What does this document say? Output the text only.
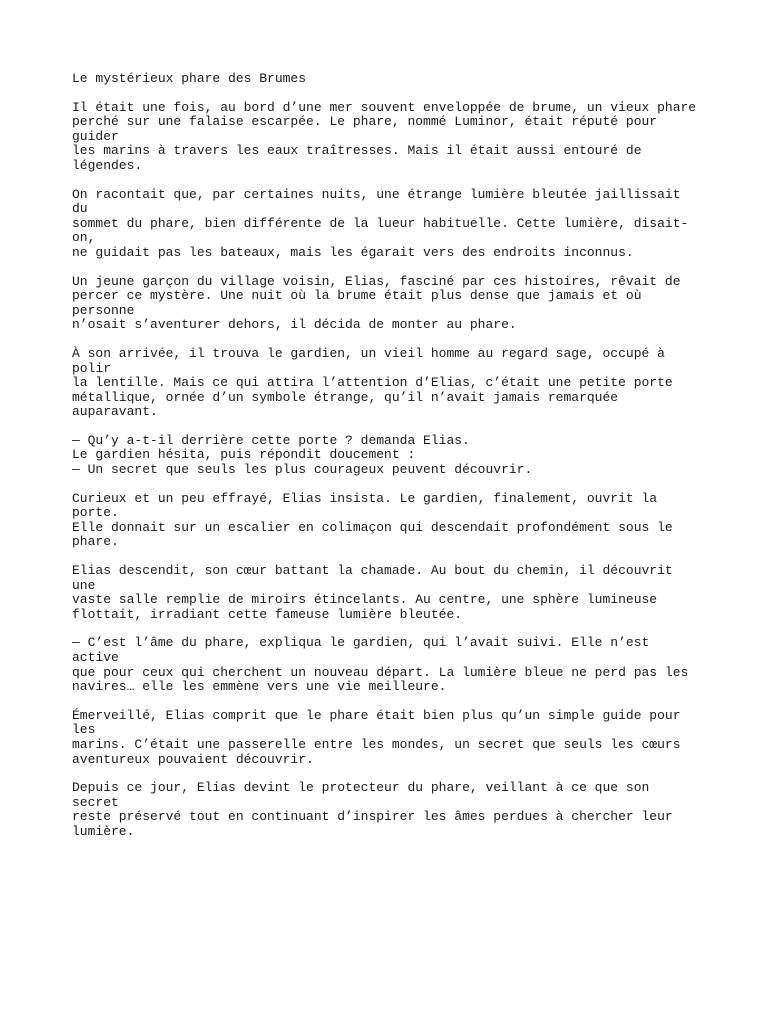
Le mystérieux phare des Brumes

Il était une fois, au bord d’une mer souvent enveloppée de brume, un vieux phare
perché sur une falaise escarpée. Le phare, nommé Luminor, était réputé pour guider
les marins à travers les eaux traîtresses. Mais il était aussi entouré de légendes.

On racontait que, par certaines nuits, une étrange lumière bleutée jaillissait du
sommet du phare, bien différente de la lueur habituelle. Cette lumière, disait-on,
ne guidait pas les bateaux, mais les égarait vers des endroits inconnus.

Un jeune garçon du village voisin, Elias, fasciné par ces histoires, rêvait de
percer ce mystère. Une nuit où la brume était plus dense que jamais et où personne
n’osait s’aventurer dehors, il décida de monter au phare.

À son arrivée, il trouva le gardien, un vieil homme au regard sage, occupé à polir
la lentille. Mais ce qui attira l’attention d’Elias, c’était une petite porte
métallique, ornée d’un symbole étrange, qu’il n’avait jamais remarquée auparavant.

— Qu’y a-t-il derrière cette porte ? demanda Elias.
Le gardien hésita, puis répondit doucement :
— Un secret que seuls les plus courageux peuvent découvrir.

Curieux et un peu effrayé, Elias insista. Le gardien, finalement, ouvrit la porte.
Elle donnait sur un escalier en colimaçon qui descendait profondément sous le
phare.

Elias descendit, son cœur battant la chamade. Au bout du chemin, il découvrit une
vaste salle remplie de miroirs étincelants. Au centre, une sphère lumineuse
flottait, irradiant cette fameuse lumière bleutée.

— C’est l’âme du phare, expliqua le gardien, qui l’avait suivi. Elle n’est active
que pour ceux qui cherchent un nouveau départ. La lumière bleue ne perd pas les
navires… elle les emmène vers une vie meilleure.

Émerveillé, Elias comprit que le phare était bien plus qu’un simple guide pour les
marins. C’était une passerelle entre les mondes, un secret que seuls les cœurs
aventureux pouvaient découvrir.

Depuis ce jour, Elias devint le protecteur du phare, veillant à ce que son secret
reste préservé tout en continuant d’inspirer les âmes perdues à chercher leur
lumière.
